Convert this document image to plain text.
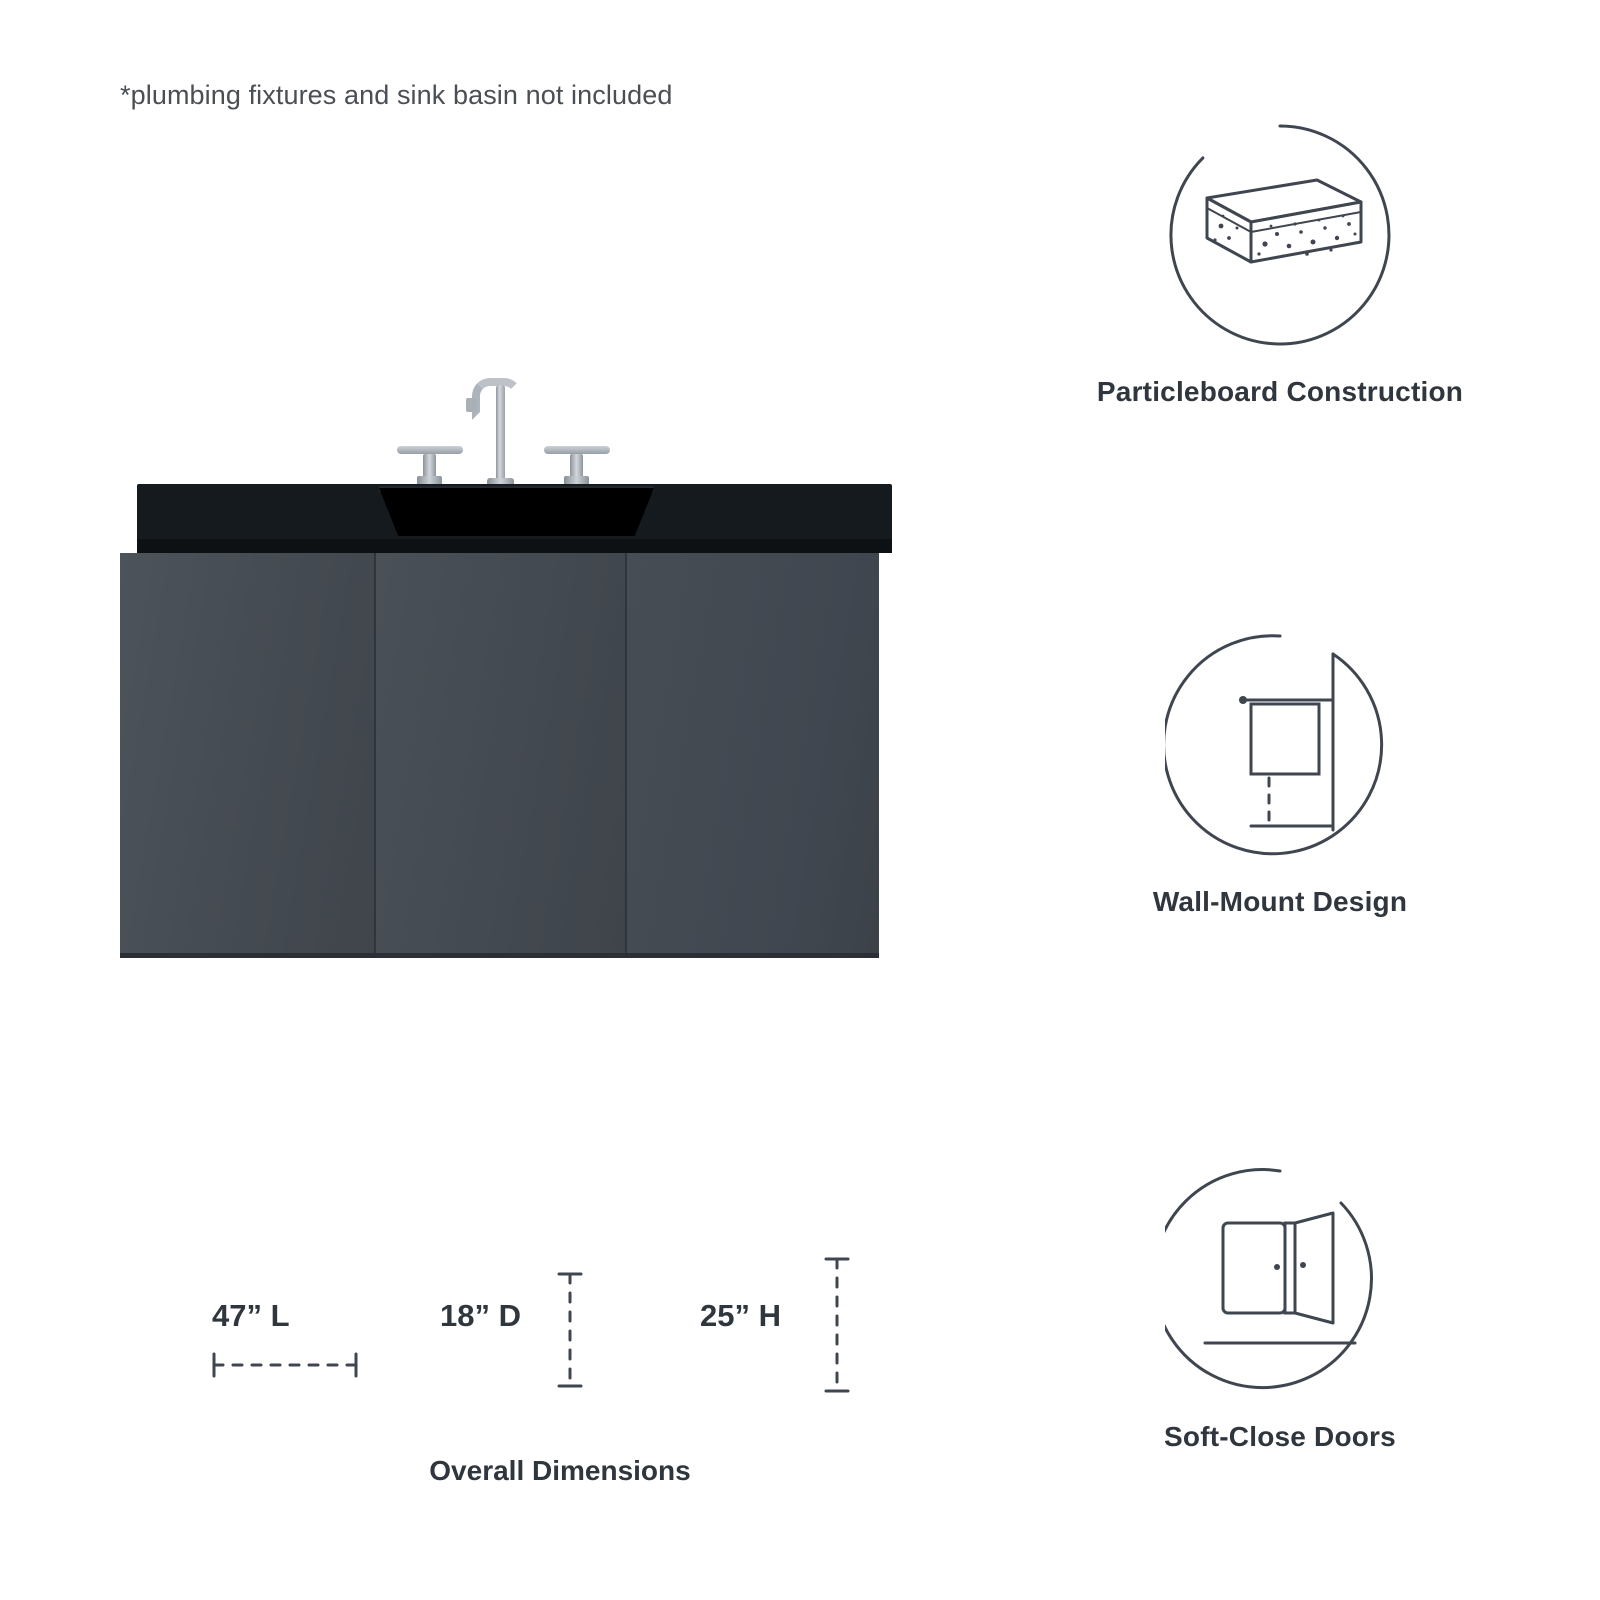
*plumbing fixtures and sink basin not included
Particleboard Construction
Wall-Mount Design
Soft-Close Doors
47” L	18” D	25” H
Overall Dimensions
